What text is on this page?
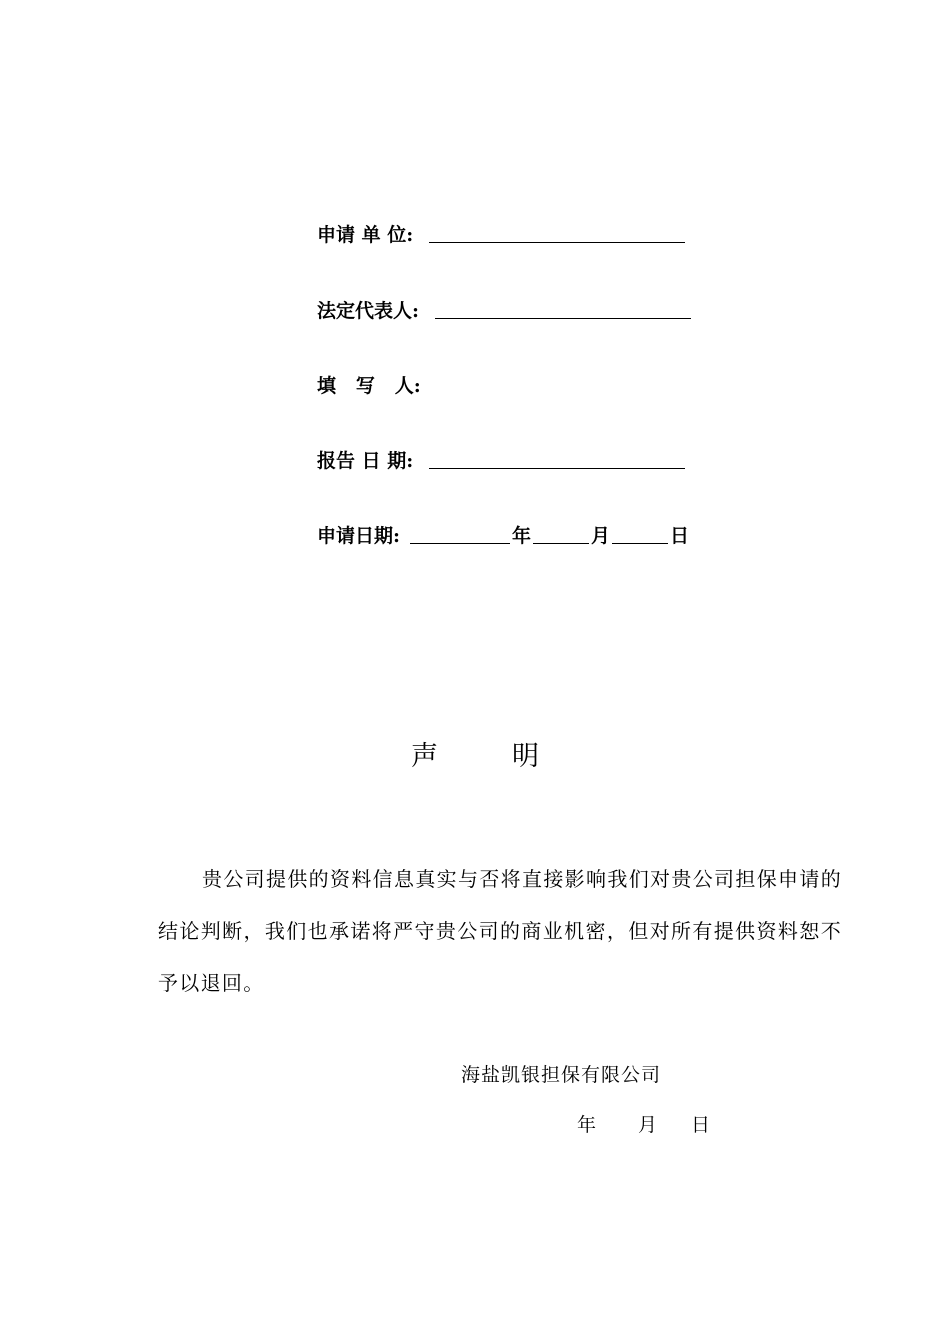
申请 单 位:
法定代表人:
填   写   人:
报告 日 期:
申请日期:	年	月	日
声	明
贵公司提供的资料信息真实与否将直接影响我们对贵公司担保申请的结论判断，我们也承诺将严守贵公司的商业机密，但对所有提供资料恕不予以退回。
海盐凯银担保有限公司
年 月 日
